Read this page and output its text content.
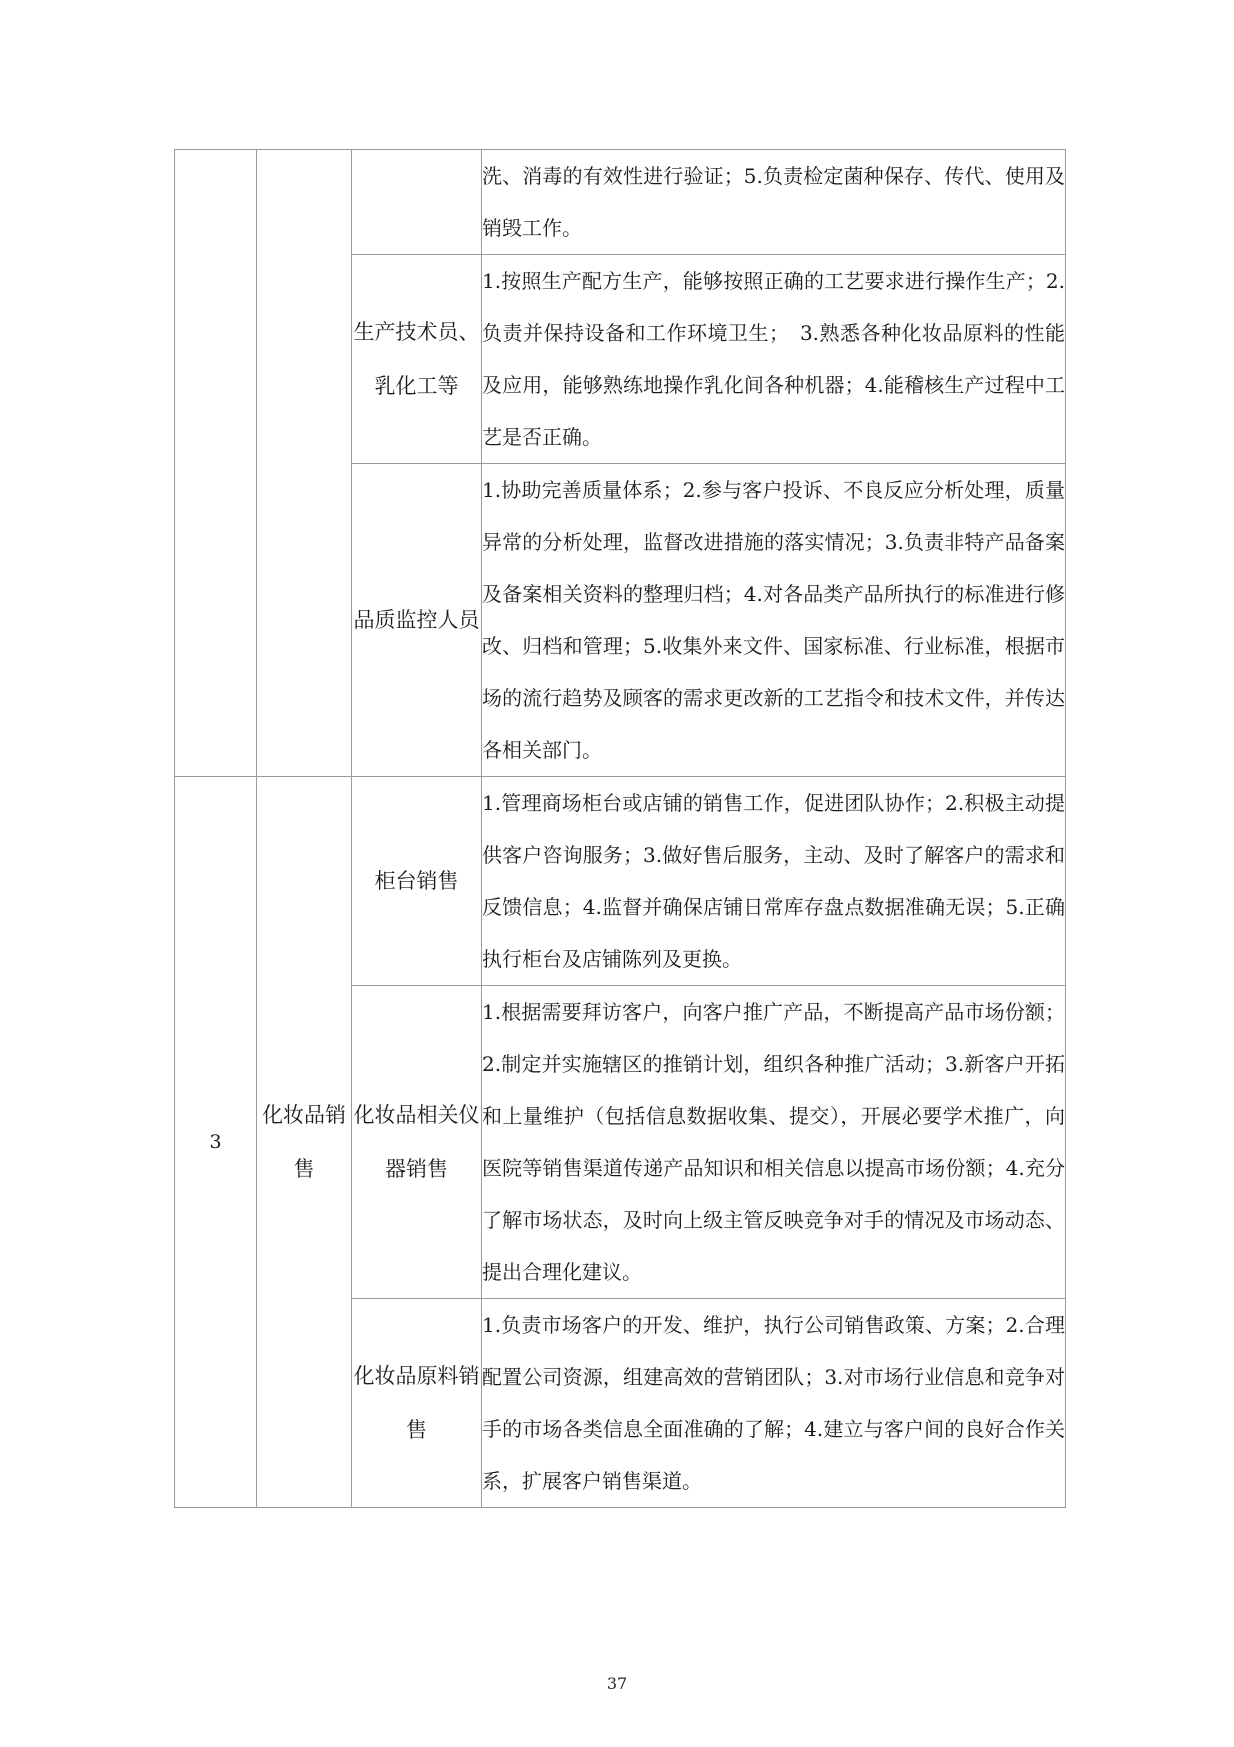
			洗、消毒的有效性进行验证；5.负责检定菌种保存、传代、使用及销毁工作。
		生产技术员、乳化工等	1.按照生产配方生产，能够按照正确的工艺要求进行操作生产；2.负责并保持设备和工作环境卫生；　3.熟悉各种化妆品原料的性能及应用，能够熟练地操作乳化间各种机器；4.能稽核生产过程中工艺是否正确。
		品质监控人员	1.协助完善质量体系；2.参与客户投诉、不良反应分析处理，质量异常的分析处理，监督改进措施的落实情况；3.负责非特产品备案及备案相关资料的整理归档；4.对各品类产品所执行的标准进行修改、归档和管理；5.收集外来文件、国家标准、行业标准，根据市场的流行趋势及顾客的需求更改新的工艺指令和技术文件，并传达各相关部门。
3	化妆品销售	柜台销售	1.管理商场柜台或店铺的销售工作，促进团队协作；2.积极主动提供客户咨询服务；3.做好售后服务，主动、及时了解客户的需求和反馈信息；4.监督并确保店铺日常库存盘点数据准确无误；5.正确执行柜台及店铺陈列及更换。
		化妆品相关仪器销售	1.根据需要拜访客户，向客户推广产品，不断提高产品市场份额；2.制定并实施辖区的推销计划，组织各种推广活动；3.新客户开拓和上量维护（包括信息数据收集、提交），开展必要学术推广，向医院等销售渠道传递产品知识和相关信息以提高市场份额；4.充分了解市场状态，及时向上级主管反映竞争对手的情况及市场动态、提出合理化建议。
		化妆品原料销售	1.负责市场客户的开发、维护，执行公司销售政策、方案；2.合理配置公司资源，组建高效的营销团队；3.对市场行业信息和竞争对手的市场各类信息全面准确的了解；4.建立与客户间的良好合作关系，扩展客户销售渠道。
37
